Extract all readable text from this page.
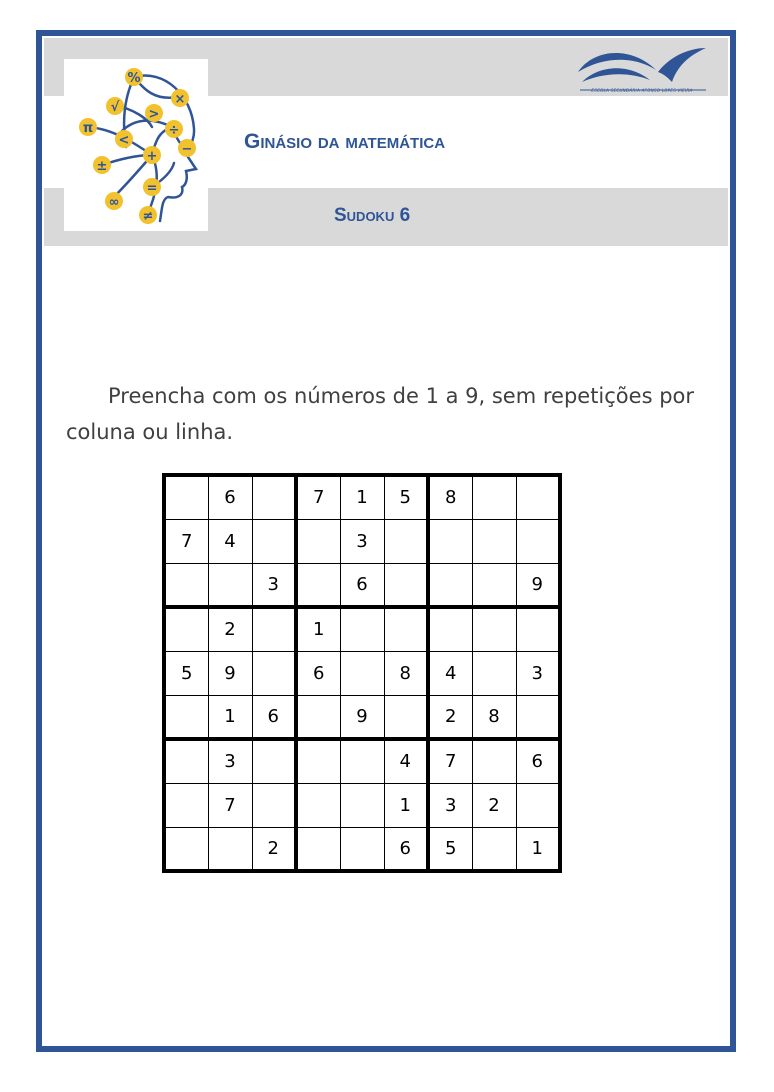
%
×
√ >
π	÷
<
+ −
±
=
∞
≠
ESCOLA SECUNDÁRIA AFONSO LOPES VIEIRA
Ginásio da matemática
Sudoku 6

Preencha com os números de 1 a 9, sem repetições por coluna ou linha.

	6		7	1	5	8		
7	4			3				
		3		6				9
	2		1					
5	9		6		8	4		3
	1	6		9		2	8	
	3				4	7		6
	7				1	3	2	
		2			6	5		1
